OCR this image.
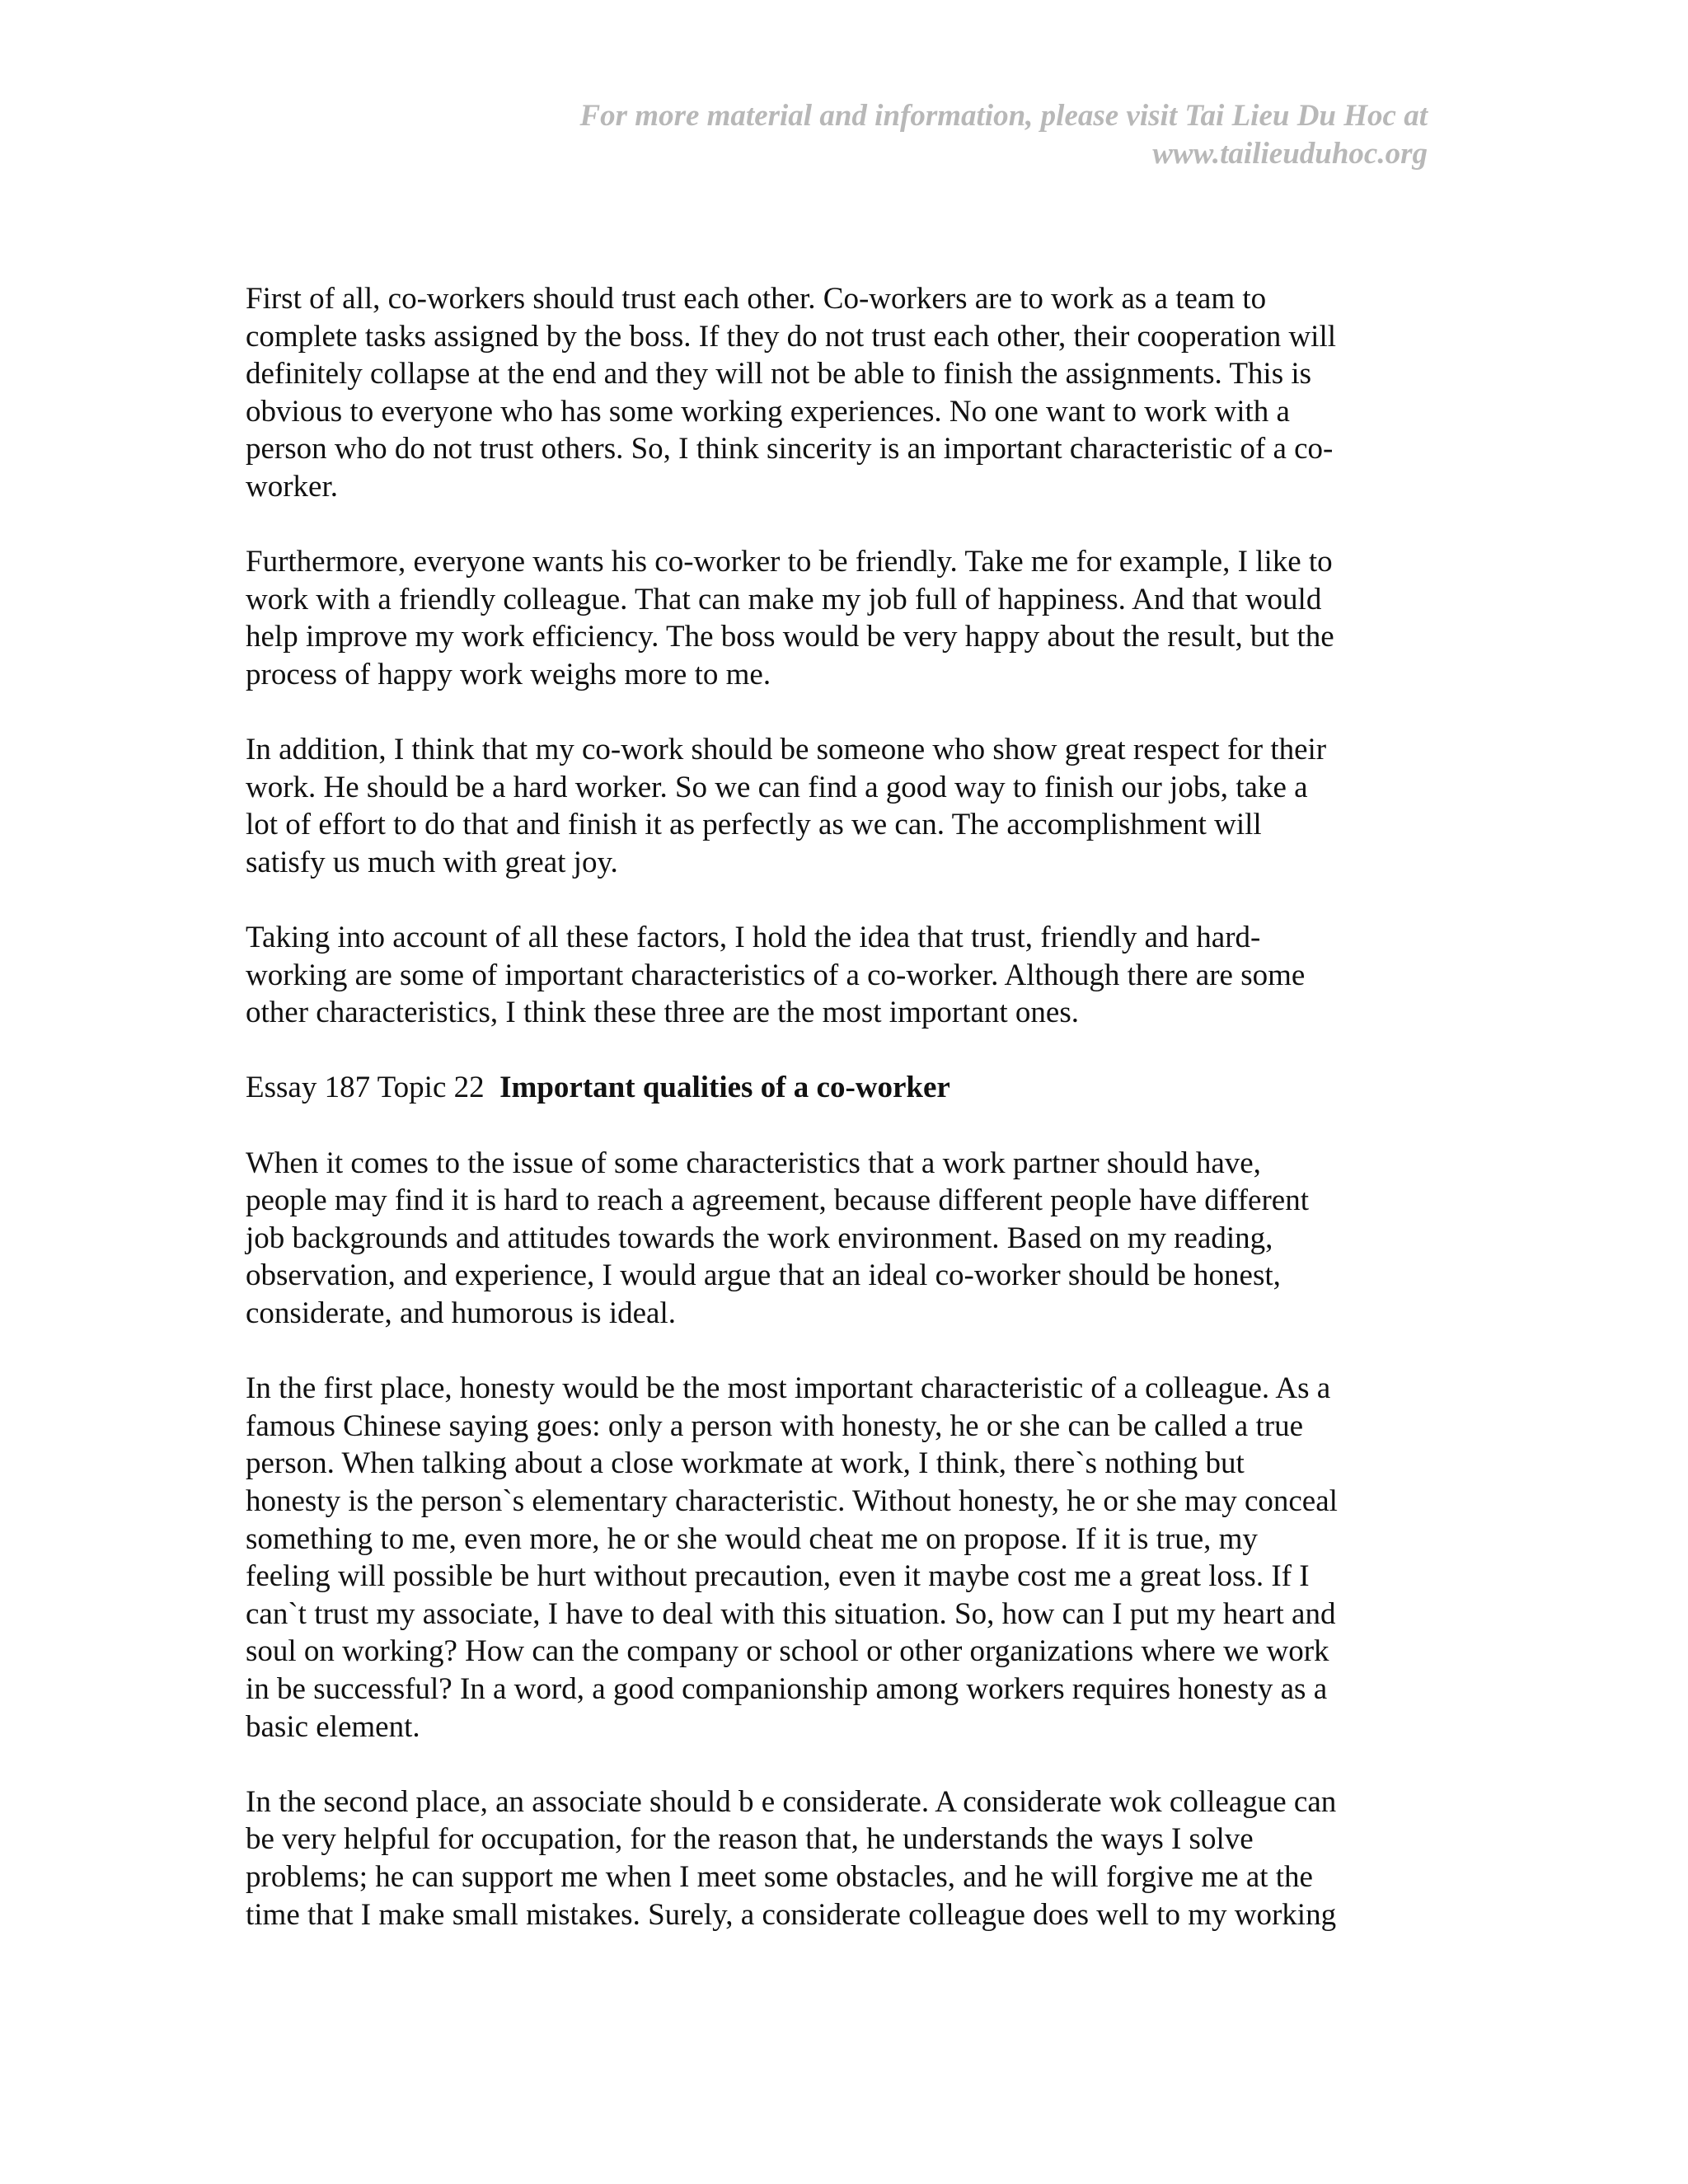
For more material and information, please visit Tai Lieu Du Hoc at
www.tailieuduhoc.org

First of all, co-workers should trust each other. Co-workers are to work as a team to
complete tasks assigned by the boss. If they do not trust each other, their cooperation will
definitely collapse at the end and they will not be able to finish the assignments. This is
obvious to everyone who has some working experiences. No one want to work with a
person who do not trust others. So, I think sincerity is an important characteristic of a co-
worker.

Furthermore, everyone wants his co-worker to be friendly. Take me for example, I like to
work with a friendly colleague. That can make my job full of happiness. And that would
help improve my work efficiency. The boss would be very happy about the result, but the
process of happy work weighs more to me.

In addition, I think that my co-work should be someone who show great respect for their
work. He should be a hard worker. So we can find a good way to finish our jobs, take a
lot of effort to do that and finish it as perfectly as we can. The accomplishment will
satisfy us much with great joy.

Taking into account of all these factors, I hold the idea that trust, friendly and hard-
working are some of important characteristics of a co-worker. Although there are some
other characteristics, I think these three are the most important ones.

Essay 187 Topic 22 Important qualities of a co-worker

When it comes to the issue of some characteristics that a work partner should have,
people may find it is hard to reach a agreement, because different people have different
job backgrounds and attitudes towards the work environment. Based on my reading,
observation, and experience, I would argue that an ideal co-worker should be honest,
considerate, and humorous is ideal.

In the first place, honesty would be the most important characteristic of a colleague. As a
famous Chinese saying goes: only a person with honesty, he or she can be called a true
person. When talking about a close workmate at work, I think, there`s nothing but
honesty is the person`s elementary characteristic. Without honesty, he or she may conceal
something to me, even more, he or she would cheat me on propose. If it is true, my
feeling will possible be hurt without precaution, even it maybe cost me a great loss. If I
can`t trust my associate, I have to deal with this situation. So, how can I put my heart and
soul on working? How can the company or school or other organizations where we work
in be successful? In a word, a good companionship among workers requires honesty as a
basic element.

In the second place, an associate should b e considerate. A considerate wok colleague can
be very helpful for occupation, for the reason that, he understands the ways I solve
problems; he can support me when I meet some obstacles, and he will forgive me at the
time that I make small mistakes. Surely, a considerate colleague does well to my working
